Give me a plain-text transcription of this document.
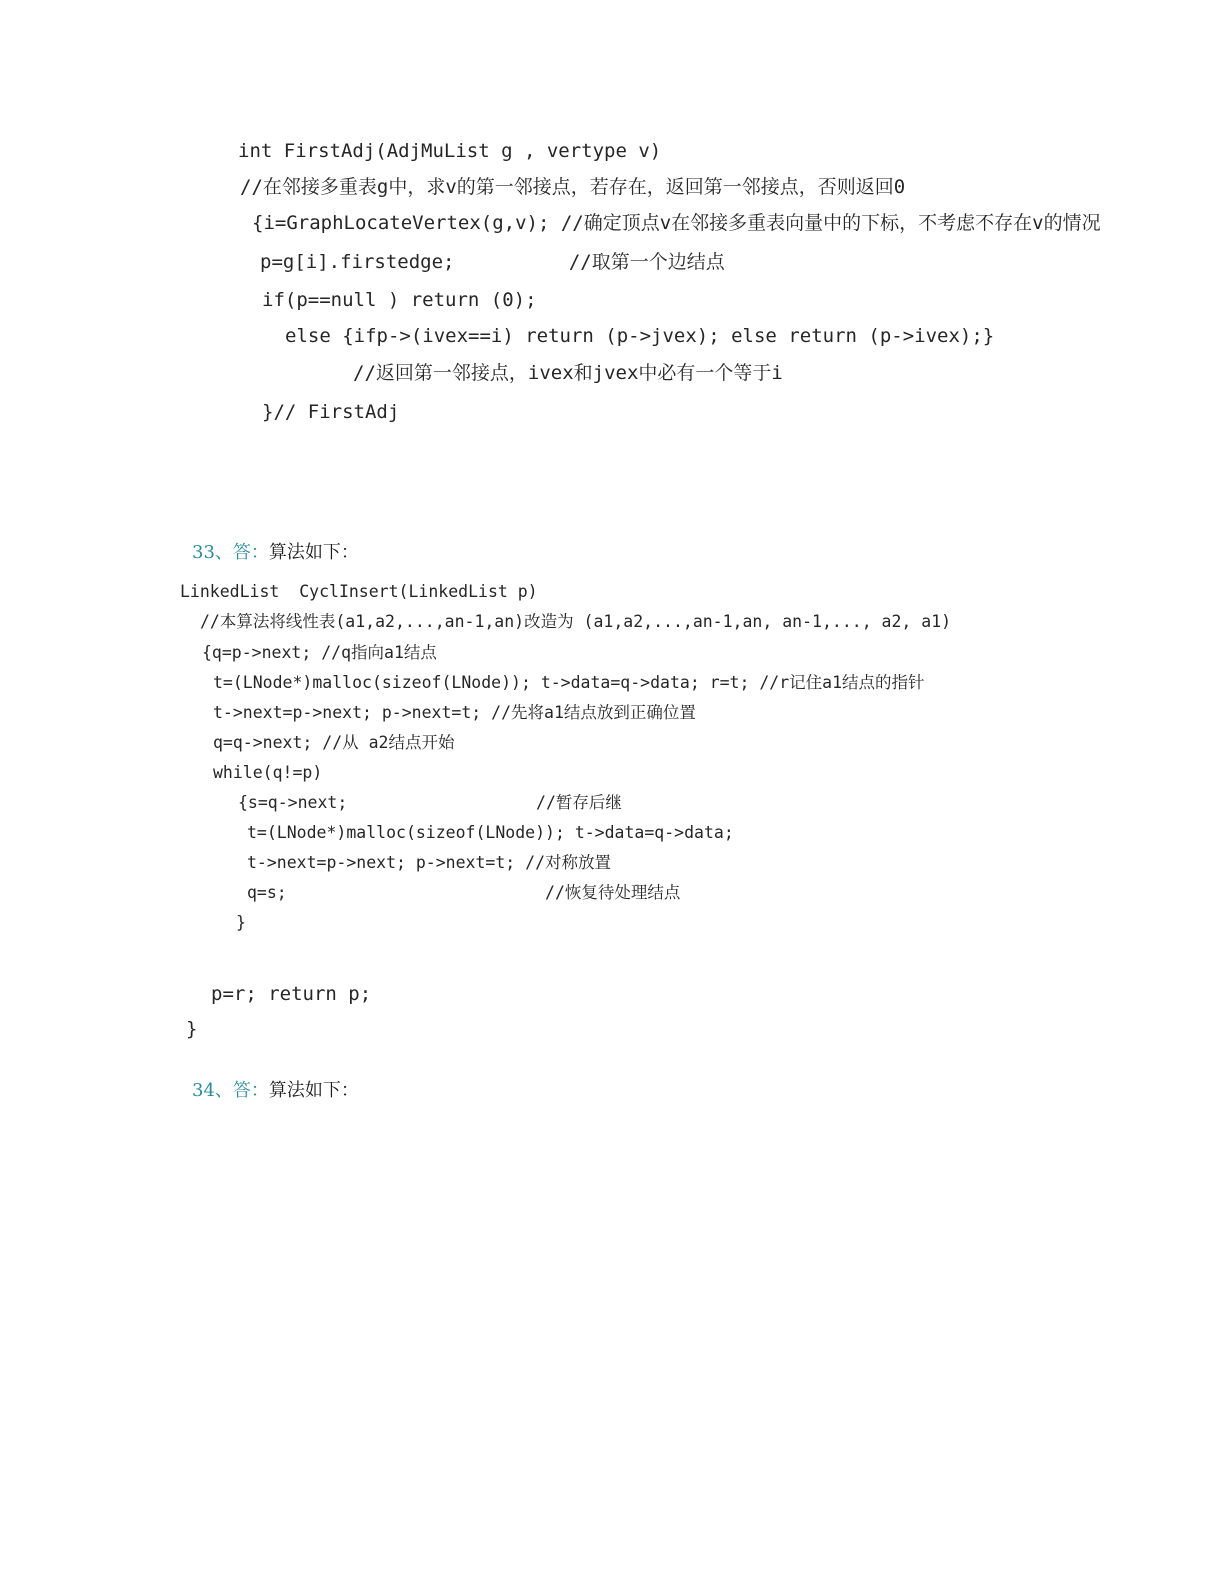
int FirstAdj(AdjMuList g , vertype v)
//在邻接多重表g中，求v的第一邻接点，若存在，返回第一邻接点，否则返回0
{i=GraphLocateVertex(g,v); //确定顶点v在邻接多重表向量中的下标，不考虑不存在v的情况
p=g[i].firstedge;          //取第一个边结点
if(p==null ) return (0);
else {ifp->(ivex==i) return (p->jvex); else return (p->ivex);}
//返回第一邻接点，ivex和jvex中必有一个等于i
}// FirstAdj
33、答：算法如下：
LinkedList  CyclInsert(LinkedList p)
//本算法将线性表(a1,a2,...,an-1,an)改造为 (a1,a2,...,an-1,an, an-1,..., a2, a1)
{q=p->next; //q指向a1结点
t=(LNode*)malloc(sizeof(LNode)); t->data=q->data; r=t; //r记住a1结点的指针
t->next=p->next; p->next=t; //先将a1结点放到正确位置
q=q->next; //从 a2结点开始
while(q!=p)
{s=q->next;                   //暂存后继
t=(LNode*)malloc(sizeof(LNode)); t->data=q->data;
t->next=p->next; p->next=t; //对称放置
q=s;                          //恢复待处理结点
}
p=r; return p;
}
34、答：算法如下：
